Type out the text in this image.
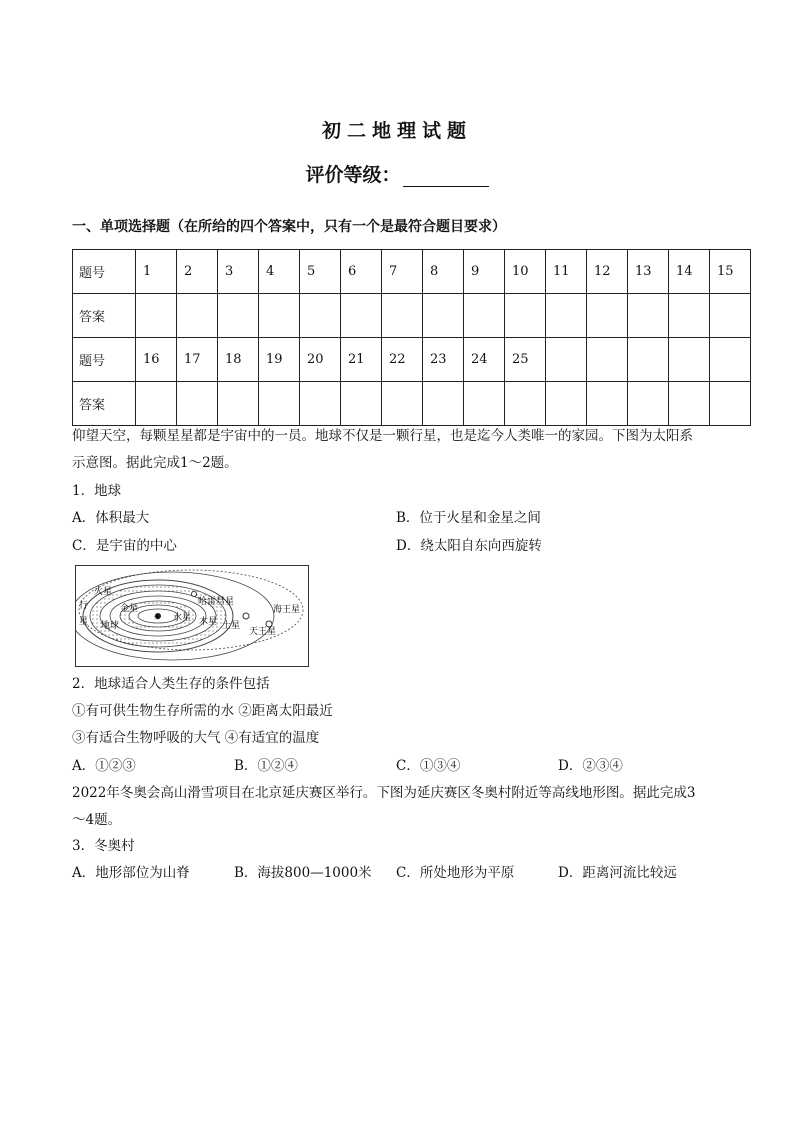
初二地理试题
评价等级：
一、单项选择题（在所给的四个答案中，只有一个是最符合题目要求）
题号	1	2	3	4	5	6	7	8	9	10	11	12	13	14	15
答案															
题号	16	17	18	19	20	21	22	23	24	25					
答案															
仰望天空，每颗星星都是宇宙中的一员。地球不仅是一颗行星，也是迄今人类唯一的家园。下图为太阳系
示意图。据此完成1～2题。
1．地球
A．体积最大	B．位于火星和金星之间
C．是宇宙的中心	D．绕太阳自东向西旋转
☀
金星
水星
火星
地球
行
星
哈雷彗星
木星 土星
天王星
海王星
2．地球适合人类生存的条件包括
①有可供生物生存所需的水 ②距离太阳最近
③有适合生物呼吸的大气 ④有适宜的温度
A．①②③	B．①②④	C．①③④	D．②③④
2022年冬奥会高山滑雪项目在北京延庆赛区举行。下图为延庆赛区冬奥村附近等高线地形图。据此完成3
～4题。
3．冬奥村
A．地形部位为山脊	B．海拔800—1000米 C．所处地形为平原	D．距离河流比较远
